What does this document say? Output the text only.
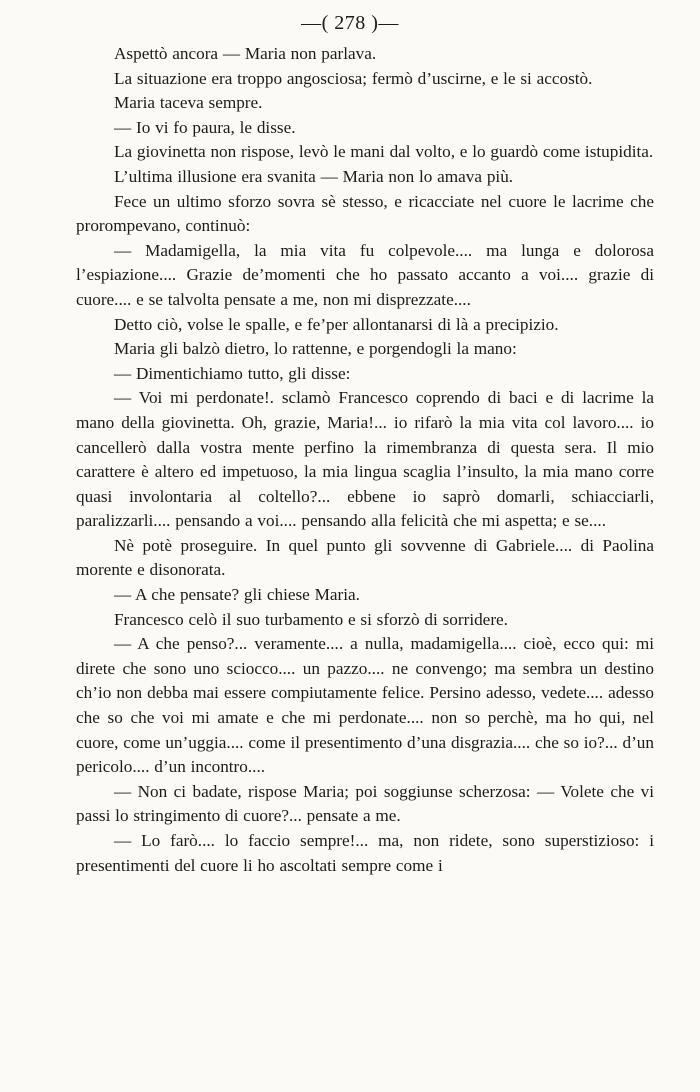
—( 278 )—

Aspettò ancora — Maria non parlava.

La situazione era troppo angosciosa; fermò d’uscirne, e le si accostò.

Maria taceva sempre.

— Io vi fo paura, le disse.

La giovinetta non rispose, levò le mani dal volto, e lo guardò come istupidita.

L’ultima illusione era svanita — Maria non lo amava più.

Fece un ultimo sforzo sovra sè stesso, e ricacciate nel cuore le lacrime che prorompevano, continuò:

— Madamigella, la mia vita fu colpevole.... ma lunga e dolorosa l’espiazione.... Grazie de’momenti che ho passato accanto a voi.... grazie di cuore.... e se talvolta pensate a me, non mi disprezzate....

Detto ciò, volse le spalle, e fe’per allontanarsi di là a precipizio.

Maria gli balzò dietro, lo rattenne, e porgendogli la mano:

— Dimentichiamo tutto, gli disse:

— Voi mi perdonate!. sclamò Francesco coprendo di baci e di lacrime la mano della giovinetta. Oh, grazie, Maria!... io rifarò la mia vita col lavoro.... io cancellerò dalla vostra mente perfino la rimembranza di questa sera. Il mio carattere è altero ed impetuoso, la mia lingua scaglia l’insulto, la mia mano corre quasi involontaria al coltello?... ebbene io saprò domarli, schiacciarli, paralizzarli.... pensando a voi.... pensando alla felicità che mi aspetta; e se....

Nè potè proseguire. In quel punto gli sovvenne di Gabriele.... di Paolina morente e disonorata.

— A che pensate? gli chiese Maria.

Francesco celò il suo turbamento e si sforzò di sorridere.

— A che penso?... veramente.... a nulla, madamigella.... cioè, ecco qui: mi direte che sono uno sciocco.... un pazzo.... ne convengo; ma sembra un destino ch’io non debba mai essere compiutamente felice. Persino adesso, vedete.... adesso che so che voi mi amate e che mi perdonate.... non so perchè, ma ho qui, nel cuore, come un’uggia.... come il presentimento d’una disgrazia.... che so io?... d’un pericolo.... d’un incontro....

— Non ci badate, rispose Maria; poi soggiunse scherzosa: — Volete che vi passi lo stringimento di cuore?... pensate a me.

— Lo farò.... lo faccio sempre!... ma, non ridete, sono superstizioso: i presentimenti del cuore li ho ascoltati sempre come i
